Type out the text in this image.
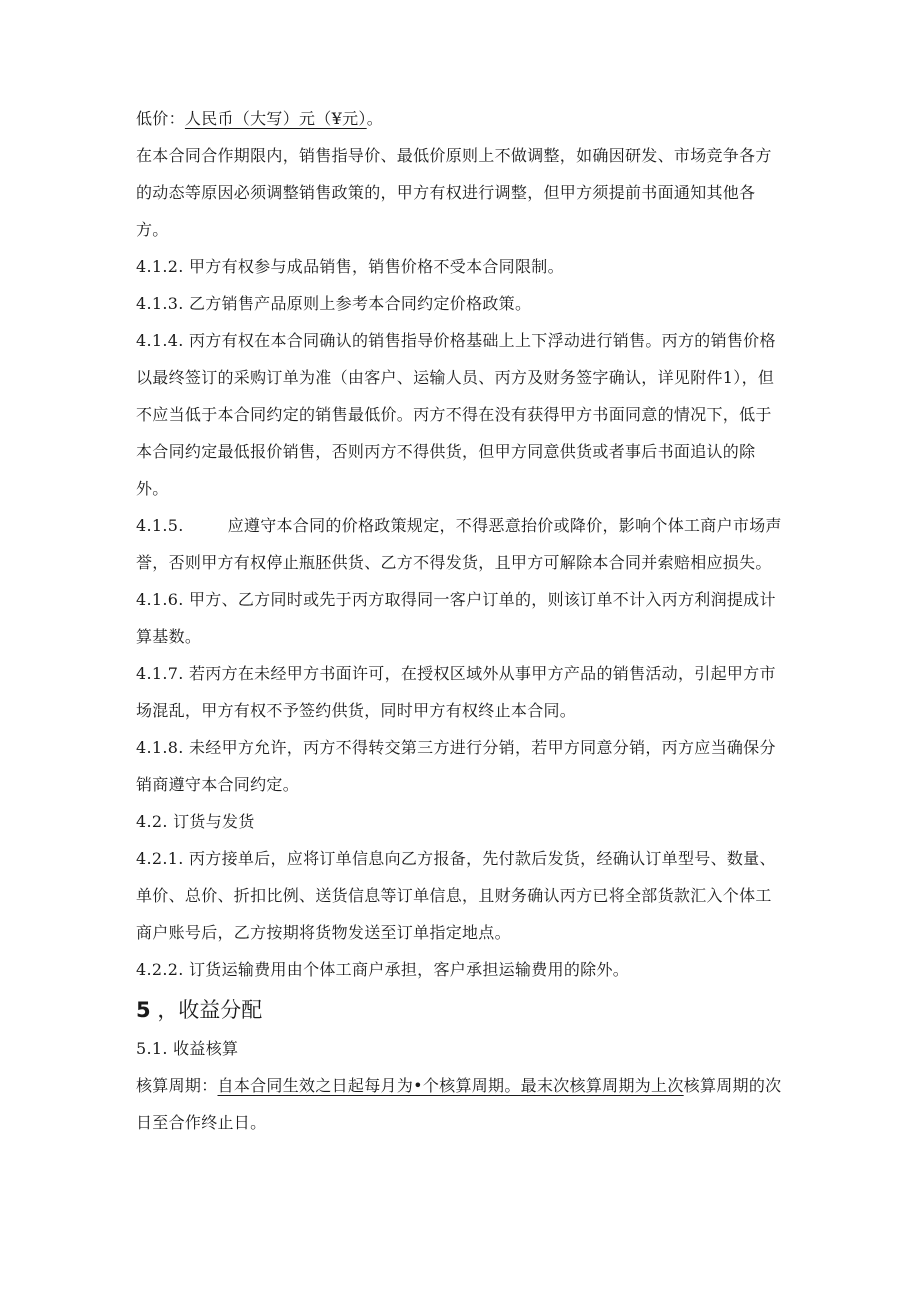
低价：人民币（大写）元（¥元）。

在本合同合作期限内，销售指导价、最低价原则上不做调整，如确因研发、市场竞争各方的动态等原因必须调整销售政策的，甲方有权进行调整，但甲方须提前书面通知其他各方。

4.1.2. 甲方有权参与成品销售，销售价格不受本合同限制。

4.1.3. 乙方销售产品原则上参考本合同约定价格政策。

4.1.4. 丙方有权在本合同确认的销售指导价格基础上上下浮动进行销售。丙方的销售价格以最终签订的采购订单为准（由客户、运输人员、丙方及财务签字确认，详见附件1），但不应当低于本合同约定的销售最低价。丙方不得在没有获得甲方书面同意的情况下，低于本合同约定最低报价销售，否则丙方不得供货，但甲方同意供货或者事后书面追认的除外。

4.1.5.	应遵守本合同的价格政策规定，不得恶意抬价或降价，影响个体工商户市场声誉，否则甲方有权停止瓶胚供货、乙方不得发货，且甲方可解除本合同并索赔相应损失。

4.1.6. 甲方、乙方同时或先于丙方取得同一客户订单的，则该订单不计入丙方利润提成计算基数。

4.1.7. 若丙方在未经甲方书面许可，在授权区域外从事甲方产品的销售活动，引起甲方市场混乱，甲方有权不予签约供货，同时甲方有权终止本合同。

4.1.8. 未经甲方允许，丙方不得转交第三方进行分销，若甲方同意分销，丙方应当确保分销商遵守本合同约定。

4.2. 订货与发货

4.2.1. 丙方接单后，应将订单信息向乙方报备，先付款后发货，经确认订单型号、数量、单价、总价、折扣比例、送货信息等订单信息，且财务确认丙方已将全部货款汇入个体工商户账号后，乙方按期将货物发送至订单指定地点。

4.2.2. 订货运输费用由个体工商户承担，客户承担运输费用的除外。

5 ，收益分配

5.1. 收益核算

核算周期：自本合同生效之日起每月为•个核算周期。最末次核算周期为上次核算周期的次日至合作终止日。
